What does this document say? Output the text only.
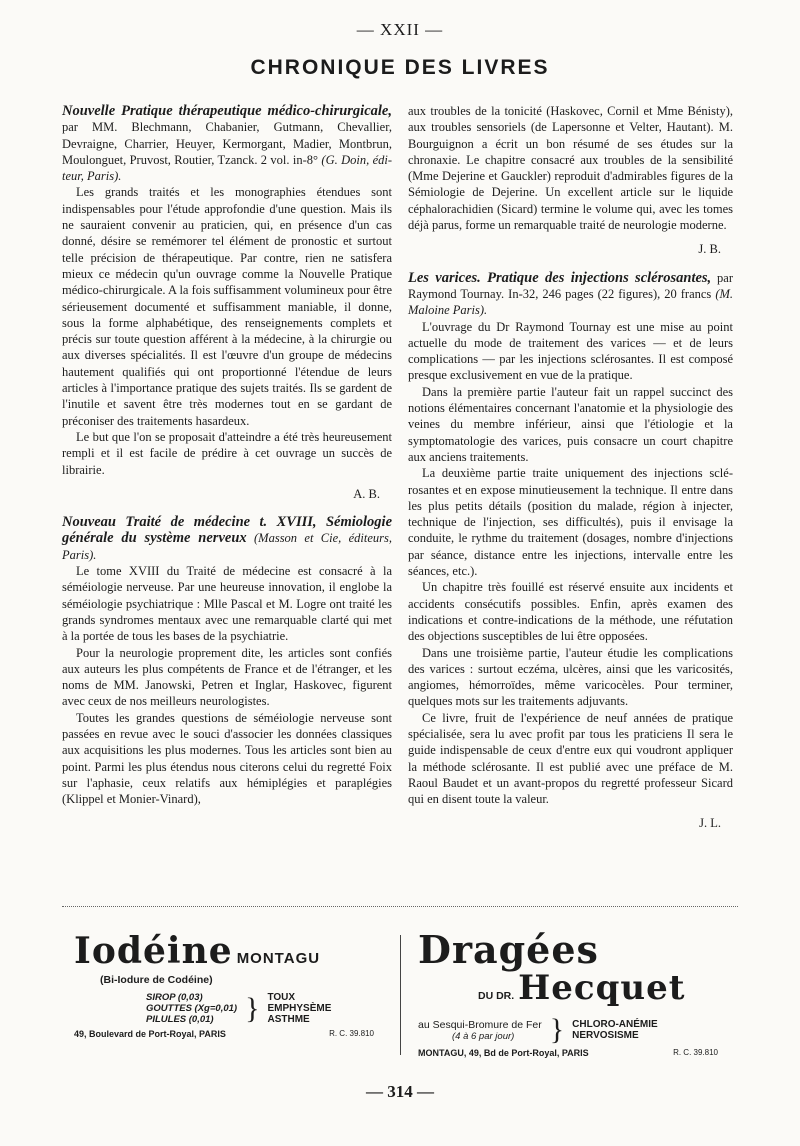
— XXII —
CHRONIQUE DES LIVRES
Nouvelle Pratique thérapeutique médico-chirurgicale, par MM. Blechmann, Chabanier, Gutmann, Chevallier, Devraigne, Charrier, Heuyer, Kermorgant, Madier, Montbrun, Moulonguet, Pruvost, Routier, Tzanck. 2 vol. in-8° (G. Doin, éditeur, Paris).

Les grands traités et les monographies étendues sont indispensables pour l'étude approfondie d'une question. Mais ils ne sauraient convenir au praticien, qui, en présence d'un cas donné, désire se remémorer tel élément de pronostic et surtout telle précision de thérapeutique. Par contre, rien ne satisfera mieux ce médecin qu'un ouvrage comme la Nouvelle Pratique médico-chirurgicale. A la fois suffisamment volumineux pour être sérieusement documenté et suffisamment maniable, il donne, sous la forme alphabétique, des renseignements complets et précis sur toute question afférent à la médecine, à la chirurgie ou aux diverses spécialités. Il est l'œuvre d'un groupe de médecins hautement qualifiés qui ont proportionné l'étendue de leurs articles à l'importance pratique des sujets traités. Ils se gardent de l'inutile et savent être très modernes tout en se gardant de préconiser des traitements hasardeux.

Le but que l'on se proposait d'atteindre a été très heureusement rempli et il est facile de prédire à cet ouvrage un succès de librairie.

A. B.
Nouveau Traité de médecine t. XVIII, Sémiologie générale du système nerveux (Masson et Cie, éditeurs, Paris).

Le tome XVIII du Traité de médecine est consacré à la séméiologie nerveuse. Par une heureuse innovation, il englobe la séméiologie psychiatrique : Mlle Pascal et M. Logre ont traité les grands syndromes mentaux avec une remarquable clarté qui met à la portée de tous les bases de la psychiatrie.

Pour la neurologie proprement dite, les articles sont confiés aux auteurs les plus compétents de France et de l'étranger, et les noms de MM. Janowski, Petren et Inglar, Haskovec, figurent avec ceux de nos meilleurs neurologistes.

Toutes les grandes questions de séméiologie nerveuse sont passées en revue avec le souci d'associer les données classiques aux acquisitions les plus modernes. Tous les articles sont bien au point. Parmi les plus étendus nous citerons celui du regretté Foix sur l'aphasie, ceux relatifs aux hémiplégies et paraplégies (Klippel et Monier-Vinard),

aux troubles de la tonicité (Haskovec, Cornil et Mme Bénisty), aux troubles sensoriels (de Lapersonne et Velter, Hautant). M. Bourguignon a écrit un bon résumé de ses études sur la chronaxie. Le chapitre consacré aux troubles de la sensibilité (Mme Dejerine et Gauckler) reproduit d'admirables figures de la Sémiologie de Dejerine. Un excellent article sur le liquide céphalorachidien (Sicard) termine le volume qui, avec les tomes déjà parus, forme un remarquable traité de neurologie moderne.

J. B.
Les varices. Pratique des injections sclérosantes, par Raymond Tournay. In-32, 246 pages (22 figures), 20 francs (M. Maloine Paris).

L'ouvrage du Dr Raymond Tournay est une mise au point actuelle du mode de traitement des varices — et de leurs complications — par les injections sclérosantes. Il est composé presque exclusivement en vue de la pratique.

Dans la première partie l'auteur fait un rappel succinct des notions élémentaires concernant l'anatomie et la physiologie des veines du membre inférieur, ainsi que l'étiologie et la symptomatologie des varices, puis consacre un court chapitre aux anciens traitements.

La deuxième partie traite uniquement des injections sclérosantes et en expose minutieusement la technique. Il entre dans les plus petits détails (position du malade, région à injecter, technique de l'injection, ses difficultés), puis il envisage la conduite, le rythme du traitement (dosages, nombre d'injections par séance, distance entre les injections, intervalle entre les séances, etc.).

Un chapitre très fouillé est réservé ensuite aux incidents et accidents consécutifs possibles. Enfin, après examen des indications et contre-indications de la méthode, une réfutation des objections susceptibles de lui être opposées.

Dans une troisième partie, l'auteur étudie les complications des varices : surtout eczéma, ulcères, ainsi que les varicosités, angiomes, hémorroïdes, même varicocèles. Pour terminer, quelques mots sur les traitements adjuvants.

Ce livre, fruit de l'expérience de neuf années de pratique spécialisée, sera lu avec profit par tous les praticiens Il sera le guide indispensable de ceux d'entre eux qui voudront appliquer la méthode sclérosante. Il est publié avec une préface de M. Raoul Baudet et un avant-propos du regretté professeur Sicard qui en disent toute la valeur.

J. L.
Iodéine MONTAGU
(Bi-Iodure de Codéine)
SIROP (0,03)
GOUTTES (Xg=0,01)
PILULES (0,01)	} TOUX
EMPHYSÈME
ASTHME
49, Boulevard de Port-Royal, PARIS	R. C. 39.810
Dragées
DU DR. Hecquet
au Sesqui-Bromure de Fer
(4 à 6 par jour)	} CHLORO-ANÉMIE
NERVOSISME
MONTAGU, 49, Bd de Port-Royal, PARIS	R. C. 39.810
— 314 —
